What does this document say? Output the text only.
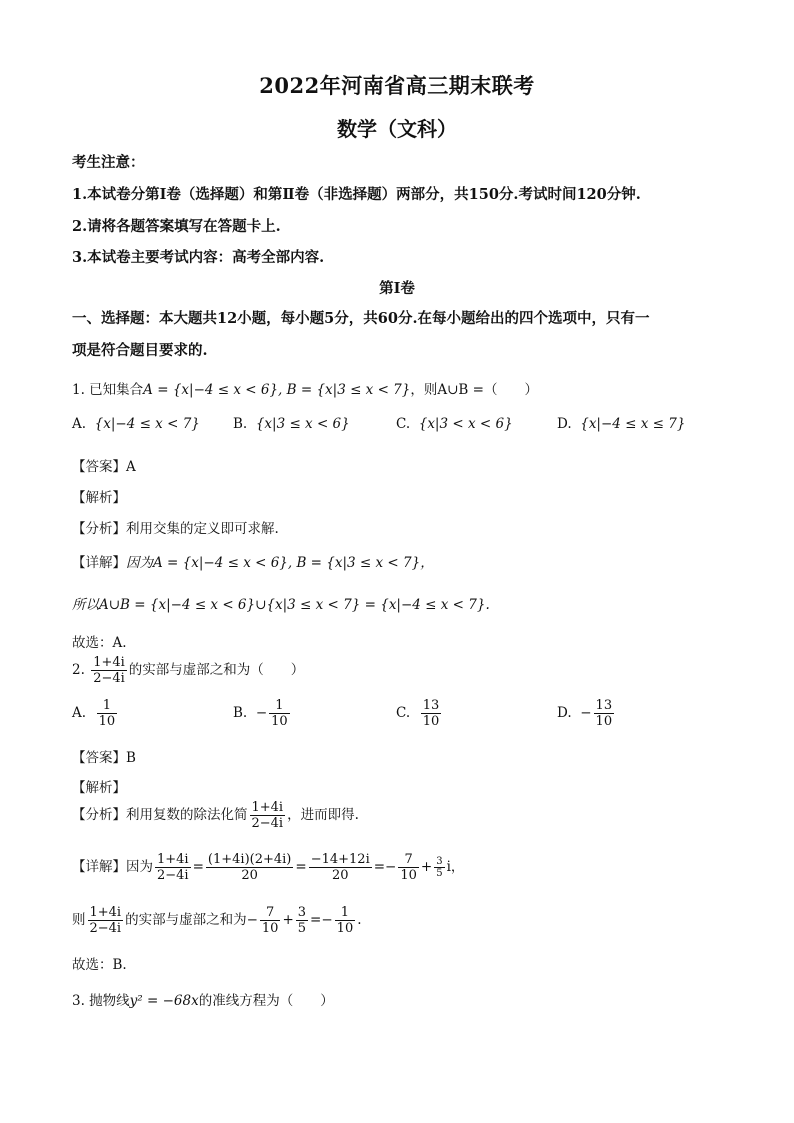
2022年河南省高三期末联考
数学（文科）
考生注意：
1.本试卷分第Ⅰ卷（选择题）和第Ⅱ卷（非选择题）两部分，共150分.考试时间120分钟.
2.请将各题答案填写在答题卡上.
3.本试卷主要考试内容：高考全部内容.
第Ⅰ卷
一、选择题：本大题共12小题，每小题5分，共60分.在每小题给出的四个选项中，只有一
项是符合题目要求的.
1. 已知集合A = {x|−4 ≤ x < 6}, B = {x|3 ≤ x < 7}，则A∪B =（　　）
A. {x|−4 ≤ x < 7} B. {x|3 ≤ x < 6}	C. {x|3 < x < 6}	D. {x|−4 ≤ x ≤ 7}
【答案】A
【解析】
【分析】利用交集的定义即可求解.
【详解】因为A = {x|−4 ≤ x < 6}, B = {x|3 ≤ x < 7}，
所以A∪B = {x|−4 ≤ x < 6}∪{x|3 ≤ x < 7} = {x|−4 ≤ x < 7}.
故选：A.
2. $\frac{1+4i}{2-4i}$ 的实部与虚部之和为（　　）
A. $\frac{1}{10}$	B. − $\frac{1}{10}$	C. $\frac{13}{10}$	D. − $\frac{13}{10}$
【答案】B
【解析】
【分析】利用复数的除法化简 $\frac{1+4i}{2-4i}$ ，进而即得.
【详解】因为 $\frac{1+4i}{2-4i} = \frac{(1+4i)(2+4i)}{20} = \frac{-14+12i}{20} =- \frac{7}{10} + \frac{3}{5}$ i，
则 $\frac{1+4i}{2-4i}$ 的实部与虚部之和为− $\frac{7}{10} + \frac{3}{5} =- \frac{1}{10}$ .
故选：B.
3. 抛物线y² = −68x的准线方程为（　　）
